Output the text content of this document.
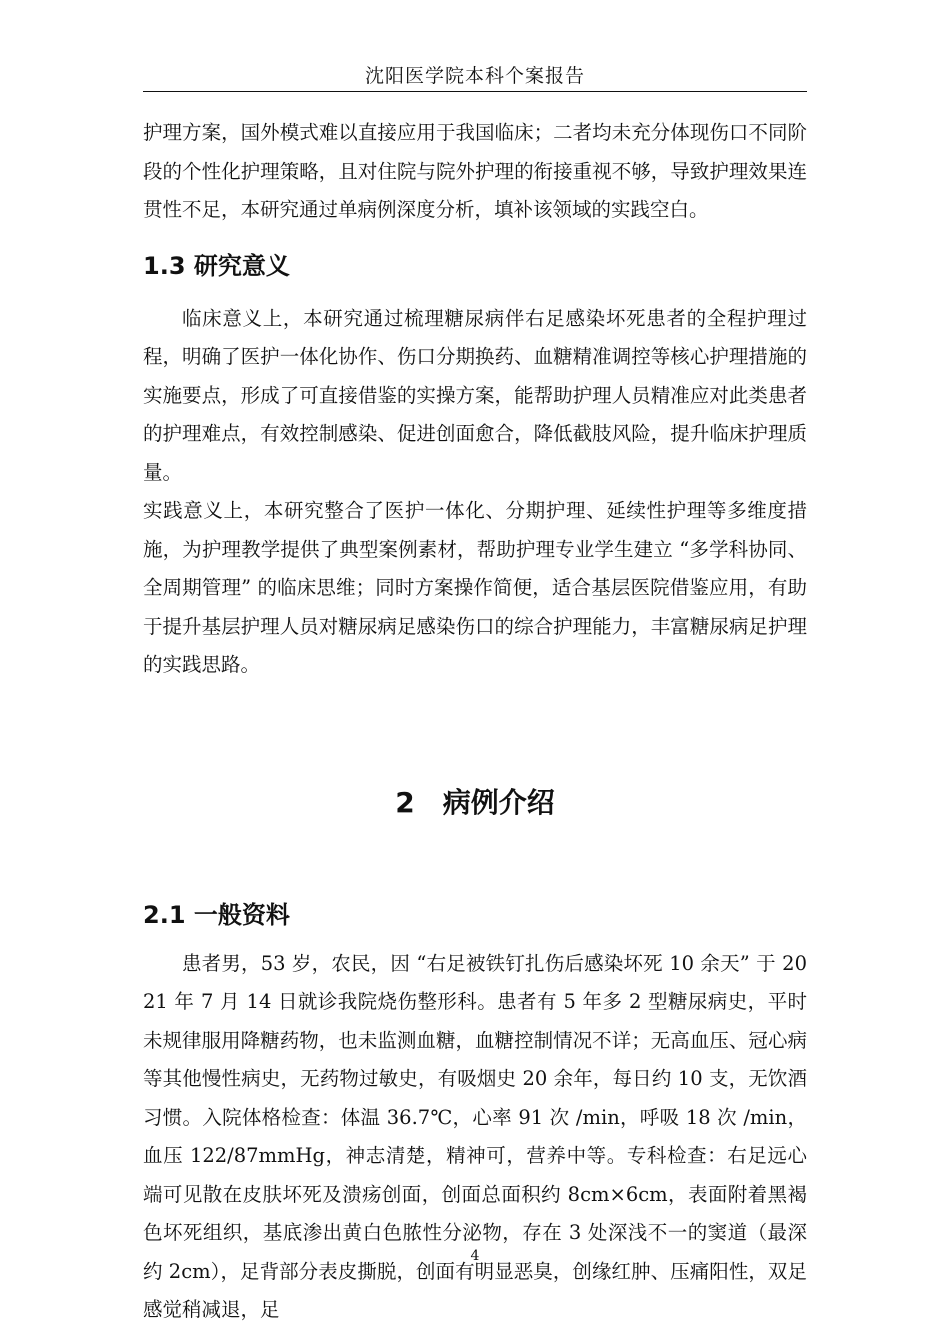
沈阳医学院本科个案报告

护理方案，国外模式难以直接应用于我国临床；二者均未充分体现伤口不同阶段的个性化护理策略，且对住院与院外护理的衔接重视不够，导致护理效果连贯性不足，本研究通过单病例深度分析，填补该领域的实践空白。

1.3 研究意义

临床意义上，本研究通过梳理糖尿病伴右足感染坏死患者的全程护理过程，明确了医护一体化协作、伤口分期换药、血糖精准调控等核心护理措施的实施要点，形成了可直接借鉴的实操方案，能帮助护理人员精准应对此类患者的护理难点，有效控制感染、促进创面愈合，降低截肢风险，提升临床护理质量。

实践意义上，本研究整合了医护一体化、分期护理、延续性护理等多维度措施，为护理教学提供了典型案例素材，帮助护理专业学生建立 “多学科协同、全周期管理” 的临床思维；同时方案操作简便，适合基层医院借鉴应用，有助于提升基层护理人员对糖尿病足感染伤口的综合护理能力，丰富糖尿病足护理的实践思路。

2　病例介绍
2.1 一般资料

患者男，53 岁，农民，因 “右足被铁钉扎伤后感染坏死 10 余天” 于 2021 年 7 月 14 日就诊我院烧伤整形科。患者有 5 年多 2 型糖尿病史，平时未规律服用降糖药物，也未监测血糖，血糖控制情况不详；无高血压、冠心病等其他慢性病史，无药物过敏史，有吸烟史 20 余年，每日约 10 支，无饮酒习惯。入院体格检查：体温 36.7℃，心率 91 次 /min，呼吸 18 次 /min，血压 122/87mmHg，神志清楚，精神可，营养中等。专科检查：右足远心端可见散在皮肤坏死及溃疡创面，创面总面积约 8cm×6cm，表面附着黑褐色坏死组织，基底渗出黄白色脓性分泌物，存在 3 处深浅不一的窦道（最深约 2cm），足背部分表皮撕脱，创面有明显恶臭，创缘红肿、压痛阳性，双足感觉稍减退，足

4
